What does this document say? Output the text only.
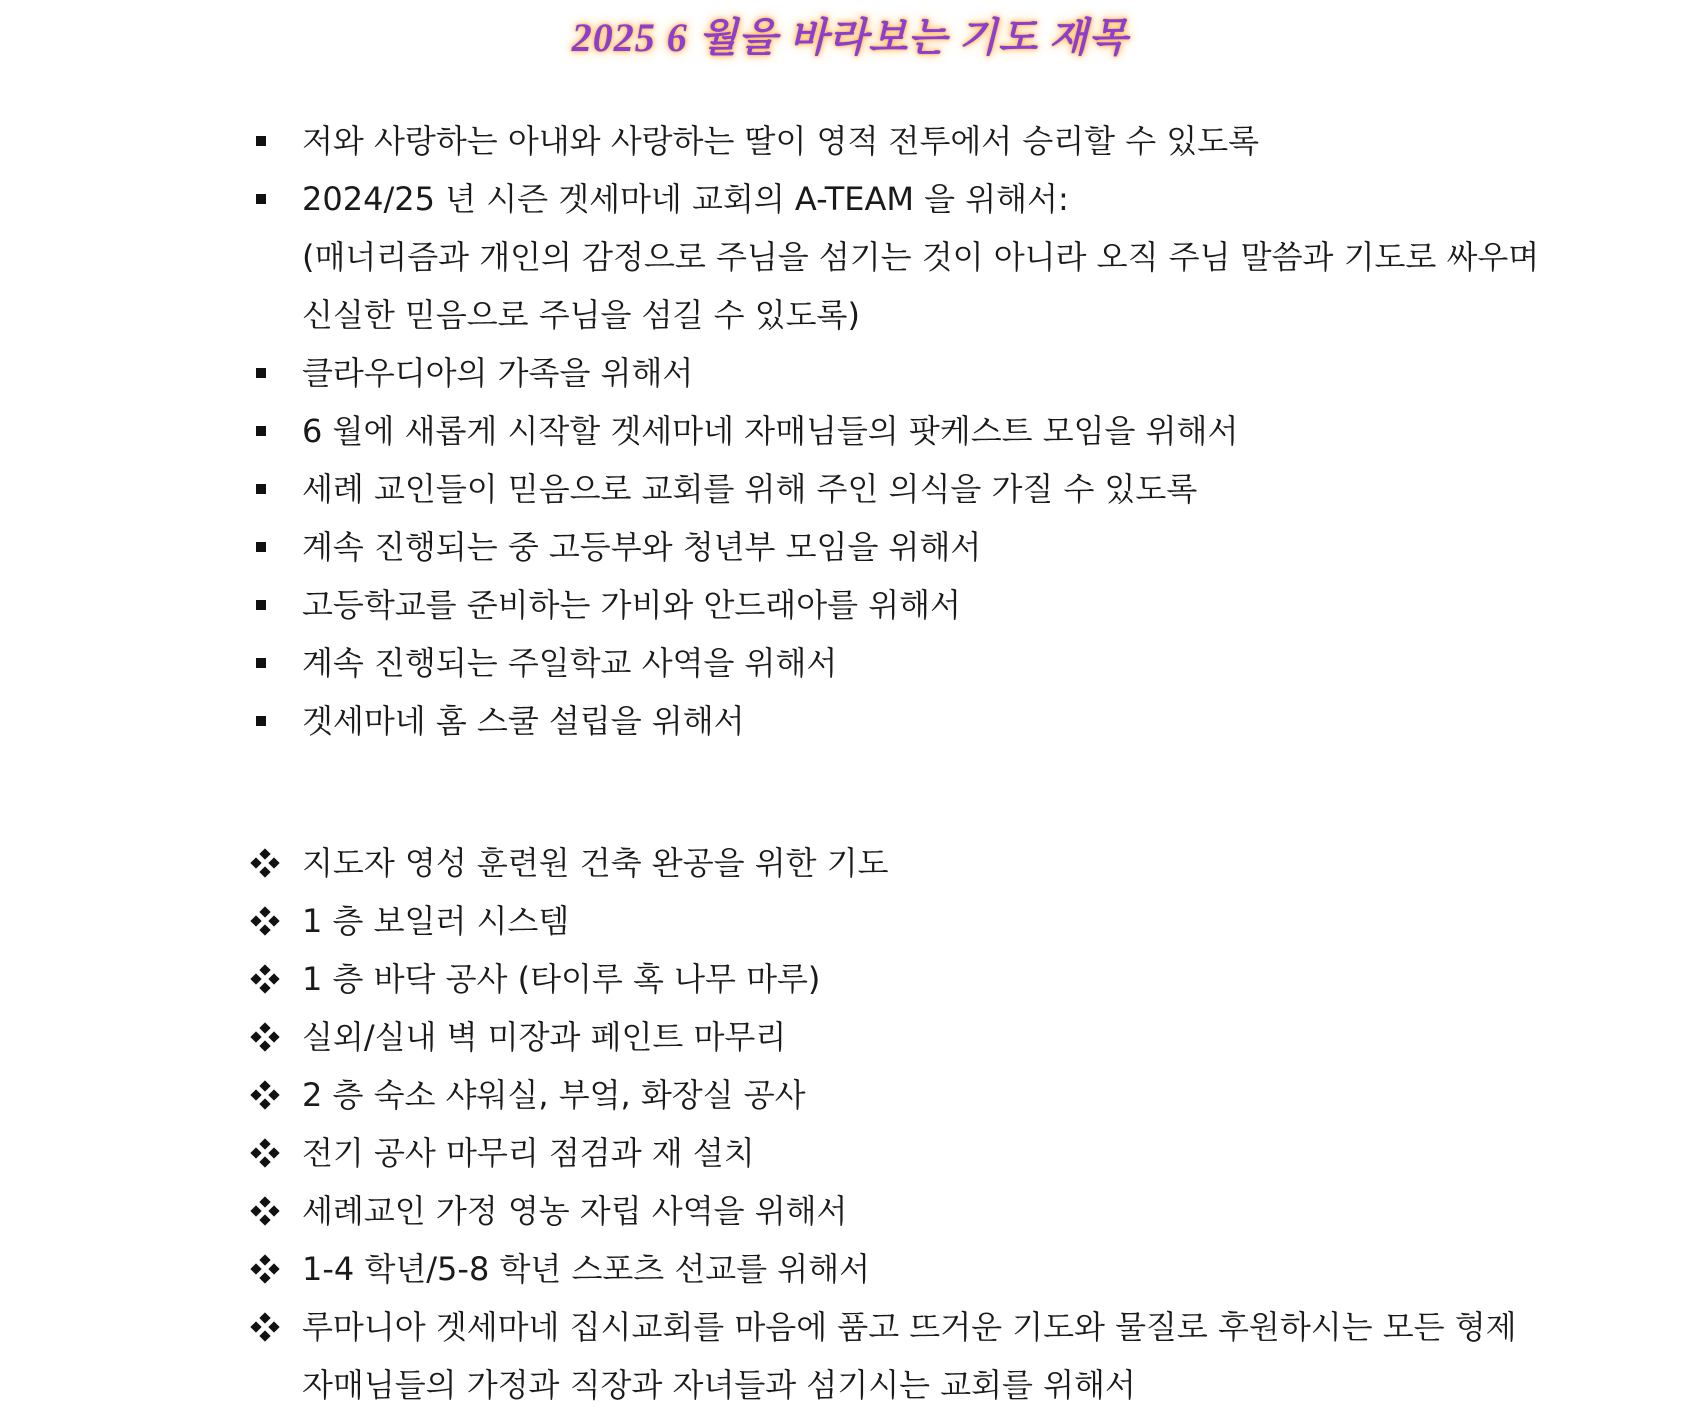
2025 6 월을 바라보는 기도 재목
저와 사랑하는 아내와 사랑하는 딸이 영적 전투에서 승리할 수 있도록
2024/25 년 시즌 겟세마네 교회의 A-TEAM 을 위해서:
(매너리즘과 개인의 감정으로 주님을 섬기는 것이 아니라 오직 주님 말씀과 기도로 싸우며 신실한 믿음으로 주님을 섬길 수 있도록)
클라우디아의 가족을 위해서
6 월에 새롭게 시작할 겟세마네 자매님들의 팟케스트 모임을 위해서
세례 교인들이 믿음으로 교회를 위해 주인 의식을 가질 수 있도록
계속 진행되는 중 고등부와 청년부 모임을 위해서
고등학교를 준비하는 가비와 안드래아를 위해서
계속 진행되는 주일학교 사역을 위해서
겟세마네 홈 스쿨 설립을 위해서
지도자 영성 훈련원 건축 완공을 위한 기도
1 층 보일러 시스템
1 층 바닥 공사 (타이루 혹 나무 마루)
실외/실내 벽 미장과 페인트 마무리
2 층 숙소 샤워실, 부엌, 화장실 공사
전기 공사 마무리 점검과 재 설치
세례교인 가정 영농 자립 사역을 위해서
1-4 학년/5-8 학년 스포츠 선교를 위해서
루마니아 겟세마네 집시교회를 마음에 품고 뜨거운 기도와 물질로 후원하시는 모든 형제 자매님들의 가정과 직장과 자녀들과 섬기시는 교회를 위해서
